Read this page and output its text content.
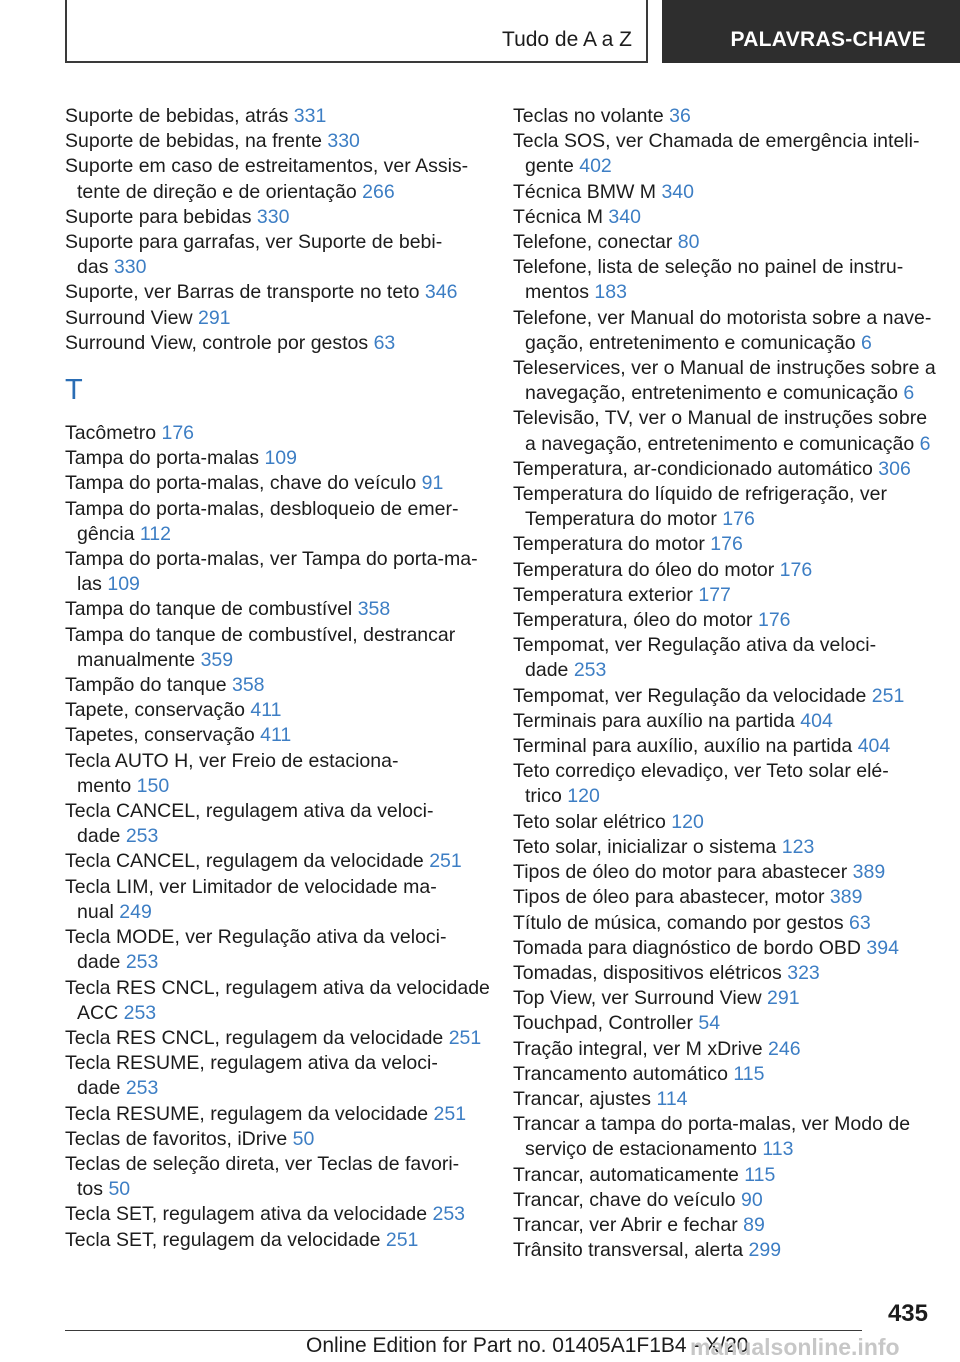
Tudo de A a Z	PALAVRAS-CHAVE
Suporte de bebidas, atrás 331
Suporte de bebidas, na frente 330
Suporte em caso de estreitamentos, ver Assis-
tente de direção e de orientação 266
Suporte para bebidas 330
Suporte para garrafas, ver Suporte de bebi-
das 330
Suporte, ver Barras de transporte no teto 346
Surround View 291
Surround View, controle por gestos 63
T
Tacômetro 176
Tampa do porta-malas 109
Tampa do porta-malas, chave do veículo 91
Tampa do porta-malas, desbloqueio de emer-
gência 112
Tampa do porta-malas, ver Tampa do porta-ma-
las 109
Tampa do tanque de combustível 358
Tampa do tanque de combustível, destrancar
manualmente 359
Tampão do tanque 358
Tapete, conservação 411
Tapetes, conservação 411
Tecla AUTO H, ver Freio de estaciona-
mento 150
Tecla CANCEL, regulagem ativa da veloci-
dade 253
Tecla CANCEL, regulagem da velocidade 251
Tecla LIM, ver Limitador de velocidade ma-
nual 249
Tecla MODE, ver Regulação ativa da veloci-
dade 253
Tecla RES CNCL, regulagem ativa da velocidade
ACC 253
Tecla RES CNCL, regulagem da velocidade 251
Tecla RESUME, regulagem ativa da veloci-
dade 253
Tecla RESUME, regulagem da velocidade 251
Teclas de favoritos, iDrive 50
Teclas de seleção direta, ver Teclas de favori-
tos 50
Tecla SET, regulagem ativa da velocidade 253
Tecla SET, regulagem da velocidade 251
Teclas no volante 36
Tecla SOS, ver Chamada de emergência inteli-
gente 402
Técnica BMW M 340
Técnica M 340
Telefone, conectar 80
Telefone, lista de seleção no painel de instru-
mentos 183
Telefone, ver Manual do motorista sobre a nave-
gação, entretenimento e comunicação 6
Teleservices, ver o Manual de instruções sobre a
navegação, entretenimento e comunicação 6
Televisão, TV, ver o Manual de instruções sobre
a navegação, entretenimento e comunicação 6
Temperatura, ar-condicionado automático 306
Temperatura do líquido de refrigeração, ver
Temperatura do motor 176
Temperatura do motor 176
Temperatura do óleo do motor 176
Temperatura exterior 177
Temperatura, óleo do motor 176
Tempomat, ver Regulação ativa da veloci-
dade 253
Tempomat, ver Regulação da velocidade 251
Terminais para auxílio na partida 404
Terminal para auxílio, auxílio na partida 404
Teto corrediço elevadiço, ver Teto solar elé-
trico 120
Teto solar elétrico 120
Teto solar, inicializar o sistema 123
Tipos de óleo do motor para abastecer 389
Tipos de óleo para abastecer, motor 389
Título de música, comando por gestos 63
Tomada para diagnóstico de bordo OBD 394
Tomadas, dispositivos elétricos 323
Top View, ver Surround View 291
Touchpad, Controller 54
Tração integral, ver M xDrive 246
Trancamento automático 115
Trancar, ajustes 114
Trancar a tampa do porta-malas, ver Modo de
serviço de estacionamento 113
Trancar, automaticamente 115
Trancar, chave do veículo 90
Trancar, ver Abrir e fechar 89
Trânsito transversal, alerta 299
435
Online Edition for Part no. 01405A1F1B4 - X/20
manualsonline.info
